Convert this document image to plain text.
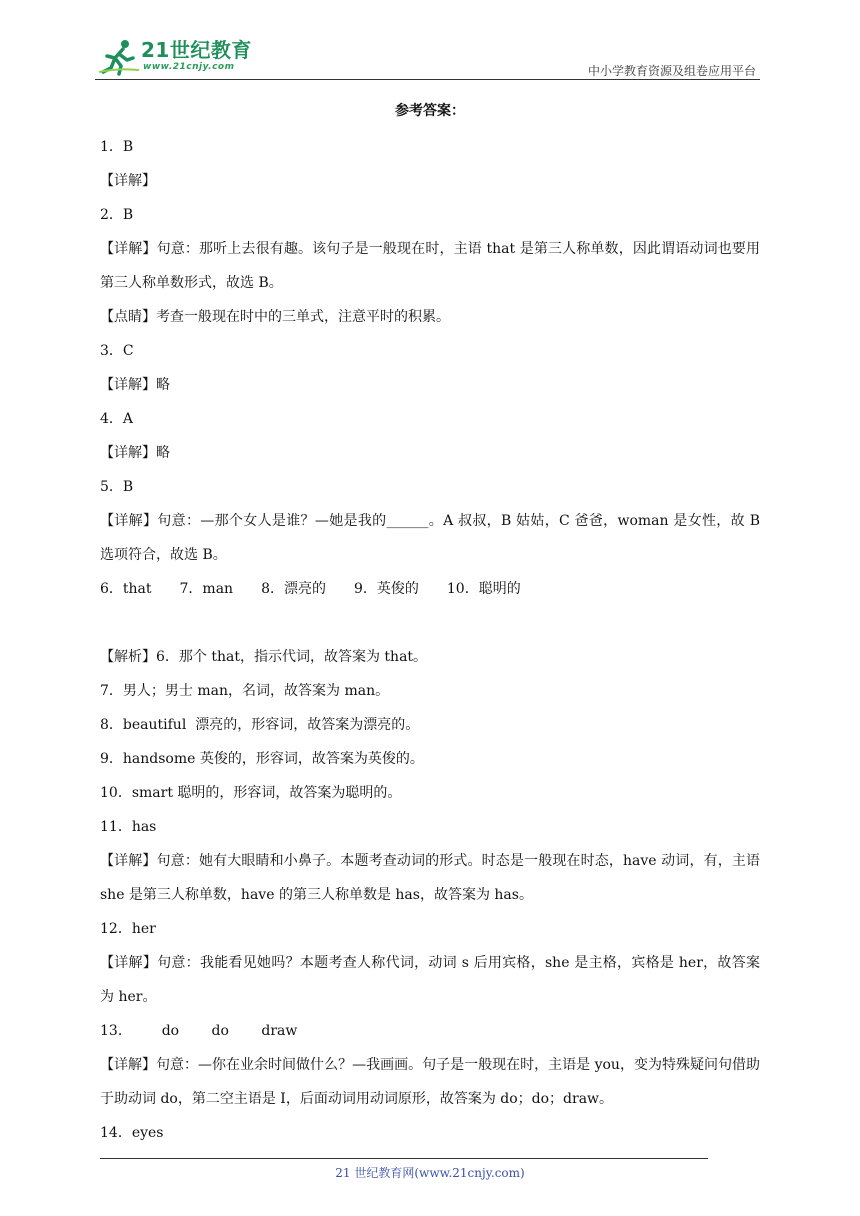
21世纪教育
www.21cnjy.com	中小学教育资源及组卷应用平台
参考答案：
1．B
【详解】
2．B
【详解】句意：那听上去很有趣。该句子是一般现在时，主语 that 是第三人称单数，因此谓语动词也要用第三人称单数形式，故选 B。
【点睛】考查一般现在时中的三单式，注意平时的积累。
3．C
【详解】略
4．A
【详解】略
5．B
【详解】句意：—那个女人是谁？—她是我的______。A 叔叔，B 姑姑，C 爸爸，woman 是女性，故 B 选项符合，故选 B。
6．that　　7．man　　8．漂亮的　　9．英俊的　　10．聪明的
【解析】6．那个 that，指示代词，故答案为 that。
7．男人；男士 man，名词，故答案为 man。
8．beautiful  漂亮的，形容词，故答案为漂亮的。
9．handsome 英俊的，形容词，故答案为英俊的。
10．smart 聪明的，形容词，故答案为聪明的。
11．has
【详解】句意：她有大眼睛和小鼻子。本题考查动词的形式。时态是一般现在时态，have 动词，有，主语 she 是第三人称单数，have 的第三人称单数是 has，故答案为 has。
12．her
【详解】句意：我能看见她吗？本题考查人称代词，动词 s 后用宾格，she 是主格，宾格是 her，故答案为 her。
13．　　  do　　 do　　 draw
【详解】句意：—你在业余时间做什么？—我画画。句子是一般现在时，主语是 you，变为特殊疑问句借助于助动词 do，第二空主语是 I，后面动词用动词原形，故答案为 do；do；draw。
14．eyes
21 世纪教育网(www.21cnjy.com)
